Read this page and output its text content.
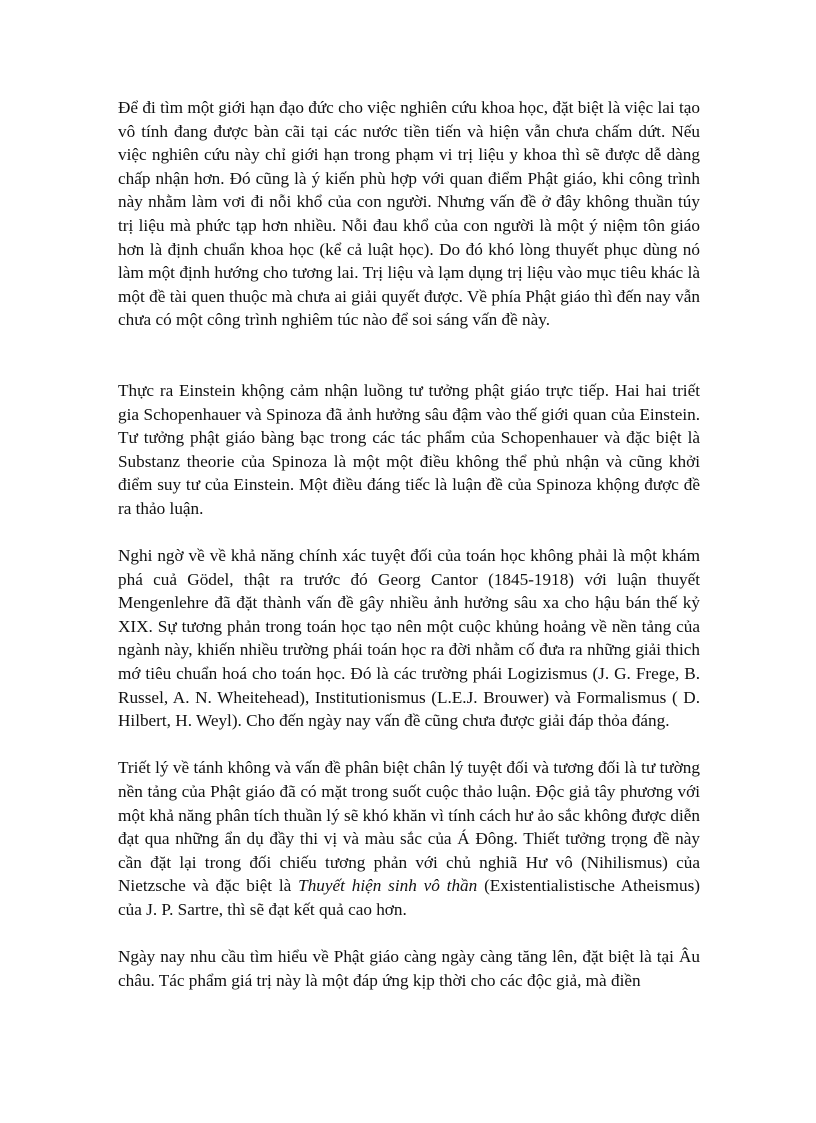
Để đi tìm một giới hạn đạo đức cho việc nghiên cứu khoa học, đặt biệt là việc lai tạo vô tính đang được bàn cãi tại các nước tiền tiến và hiện vẫn chưa chấm dứt. Nếu việc nghiên cứu này chỉ giới hạn trong phạm vi trị liệu y khoa thì sẽ được dễ dàng chấp nhận hơn. Đó cũng là ý kiến phù hợp với quan điểm Phật giáo, khi công trình này nhằm làm vơi đi nỗi khổ của con người. Nhưng vấn đề ở đây không thuần túy trị liệu mà phức tạp hơn nhiều. Nỗi đau khổ của con người là một ý niệm tôn giáo hơn là định chuẩn khoa học (kể cả luật học). Do đó khó lòng thuyết phục dùng nó làm một định hướng cho tương lai. Trị liệu và lạm dụng trị liệu vào mục tiêu khác là một đề tài quen thuộc mà chưa ai giải quyết được. Về phía Phật giáo thì đến nay vẫn chưa có một công trình nghiêm túc nào để soi sáng vấn đề này.

Thực ra Einstein khộng cảm nhận luồng tư tưởng phật giáo trực tiếp. Hai hai triết gia Schopenhauer và Spinoza đã ảnh hưởng sâu đậm vào thế giới quan của Einstein. Tư tưởng phật giáo bàng bạc trong các tác phẩm của Schopenhauer và đặc biệt là Substanz theorie của Spinoza là một một điều không thể phủ nhận và cũng khởi điểm suy tư của Einstein. Một điều đáng tiếc là luận đề của Spinoza khộng được đề ra thảo luận.

Nghi ngờ về về khả năng chính xác tuyệt đối của toán học không phải là một khám phá cuả Gödel, thật ra trước đó Georg Cantor (1845-1918) với luận thuyết Mengenlehre đã đặt thành vấn đề gây nhiều ảnh hưởng sâu xa cho hậu bán thế kỷ XIX. Sự tương phản trong toán học tạo nên một cuộc khủng hoảng về nền tảng của ngành này, khiến nhiều trường phái toán học ra đời nhằm cố đưa ra những giải thich mớ tiêu chuẩn hoá cho toán học. Đó là các trường phái Logizismus (J. G. Frege, B. Russel, A. N. Wheitehead), Institutionismus (L.E.J. Brouwer) và Formalismus ( D. Hilbert, H. Weyl). Cho đến ngày nay vấn đề cũng chưa được giải đáp thỏa đáng.

Triết lý về tánh không và vấn đề phân biệt chân lý tuyệt đối và tương đối là tư tường nền tảng của Phật giáo đã có mặt trong suốt cuộc thảo luận. Độc giả tây phương với một khả năng phân tích thuần lý sẽ khó khăn vì tính cách hư ảo sắc không được diễn đạt qua những ẩn dụ đầy thi vị và màu sắc của Á Đông. Thiết tưởng trọng đề này cần đặt lại trong đối chiếu tương phản với chủ nghiã Hư vô (Nihilismus) của Nietzsche và đặc biệt là Thuyết hiện sinh vô thần (Existentialistische Atheismus) của J. P. Sartre, thì sẽ đạt kết quả cao hơn.

Ngày nay nhu cầu tìm hiểu về Phật giáo càng ngày càng tăng lên, đặt biệt là tại Âu châu. Tác phẩm giá trị này là một đáp ứng kịp thời cho các độc giả, mà điền
